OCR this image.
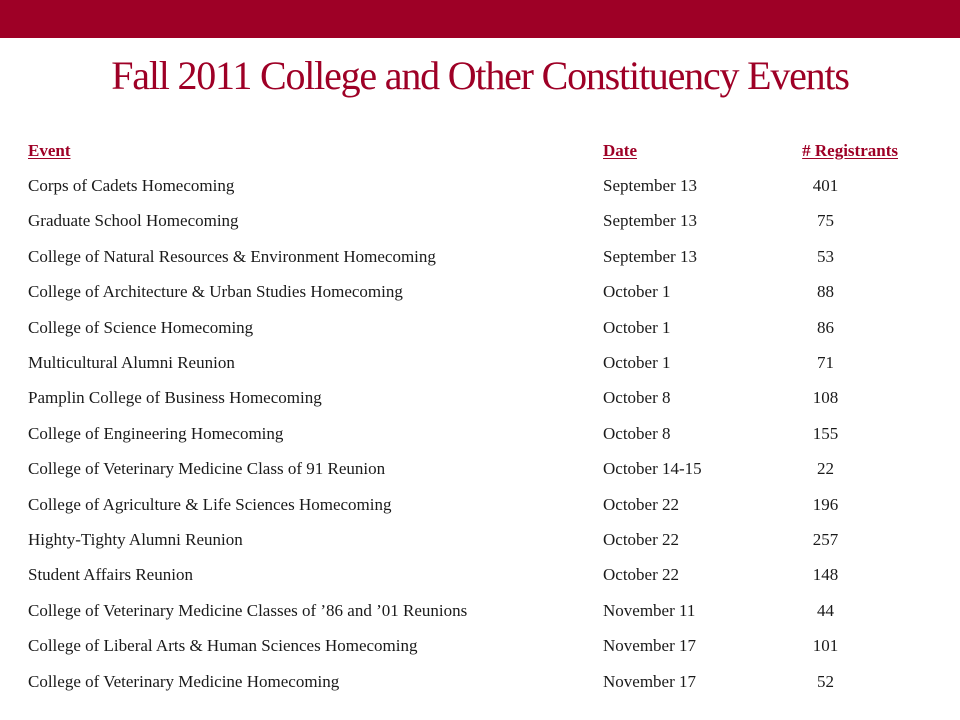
Fall 2011 College and Other Constituency Events
Event	Date	# Registrants
Corps of Cadets Homecoming	September 13	401
Graduate School Homecoming	September 13	75
College of Natural Resources & Environment Homecoming	September 13	53
College of Architecture & Urban Studies Homecoming	October 1	88
College of Science Homecoming	October 1	86
Multicultural Alumni Reunion	October 1	71
Pamplin College of Business Homecoming	October 8	108
College of Engineering Homecoming	October 8	155
College of Veterinary Medicine Class of 91 Reunion	October 14-15	22
College of Agriculture & Life Sciences Homecoming	October 22	196
Highty-Tighty Alumni Reunion	October 22	257
Student Affairs Reunion	October 22	148
College of Veterinary Medicine Classes of ’86 and ’01 Reunions	November 11	44
College of Liberal Arts & Human Sciences Homecoming	November 17	101
College of Veterinary Medicine Homecoming	November 17	52
